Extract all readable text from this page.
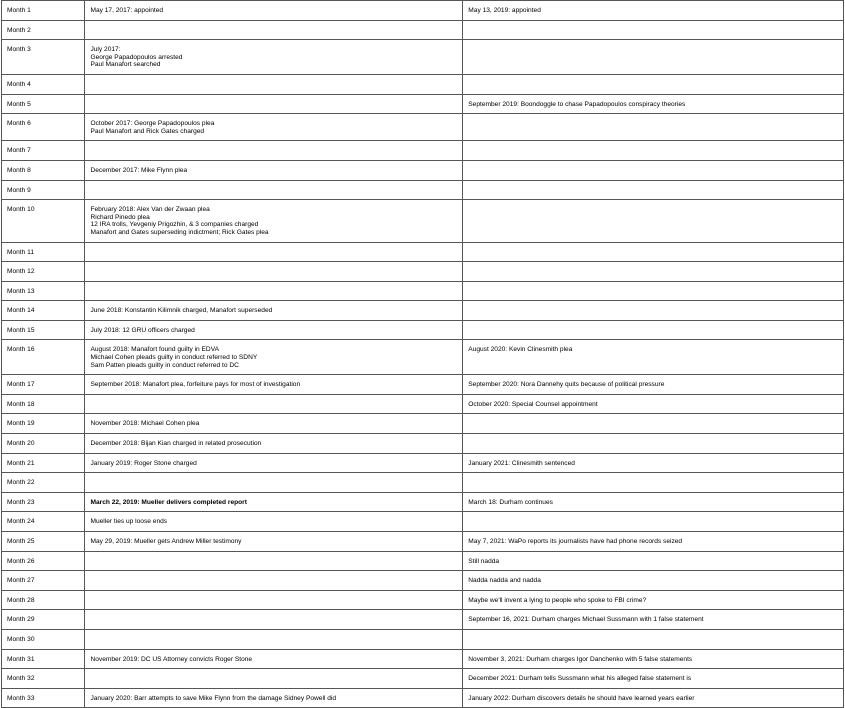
Month 1	May 17, 2017: appointed	May 13, 2019: appointed

Month 2		
Month 3	July 2017:
George Papadopoulos arrested
Paul Manafort searched	

Month 4		
Month 5		September 2019: Boondoggle to chase Papadopoulos conspiracy theories

Month 6	October 2017: George Papadopoulos plea
Paul Manafort and Rick Gates charged	

Month 7		
Month 8	December 2017: Mike Flynn plea	

Month 9		
Month 10	February 2018: Alex Van der Zwaan plea
Richard Pinedo plea
12 IRA trolls, Yevgeniy Prigozhin, & 3 companies charged
Manafort and Gates superseding indictment; Rick Gates plea	

Month 11		
Month 12		
Month 13		
Month 14	June 2018: Konstantin Kilimnik charged, Manafort superseded	

Month 15	July 2018: 12 GRU officers charged	

Month 16	August 2018: Manafort found guilty in EDVA
Michael Cohen pleads guilty in conduct referred to SDNY
Sam Patten pleads guilty in conduct referred to DC	August 2020: Kevin Clinesmith plea

Month 17	September 2018: Manafort plea, forfeiture pays for most of investigation	September 2020: Nora Dannehy quits because of political pressure

Month 18		October 2020: Special Counsel appointment

Month 19	November 2018: Michael Cohen plea	

Month 20	December 2018: Bijan Kian charged in related prosecution	

Month 21	January 2019: Roger Stone charged	January 2021: Clinesmith sentenced

Month 22		
Month 23	March 22, 2019: Mueller delivers completed report	March 18: Durham continues

Month 24	Mueller ties up loose ends	

Month 25	May 29, 2019: Mueller gets Andrew Miller testimony	May 7, 2021: WaPo reports its journalists have had phone records seized

Month 26		Still nadda

Month 27		Nadda nadda and nadda

Month 28		Maybe we'll invent a lying to people who spoke to FBI crime?

Month 29		September 16, 2021: Durham charges Michael Sussmann with 1 false statement

Month 30		
Month 31	November 2019: DC US Attorney convicts Roger Stone	November 3, 2021: Durham charges Igor Danchenko with 5 false statements

Month 32		December 2021: Durham tells Sussmann what his alleged false statement is

Month 33	January 2020: Barr attempts to save Mike Flynn from the damage Sidney Powell did	January 2022: Durham discovers details he should have learned years earlier
